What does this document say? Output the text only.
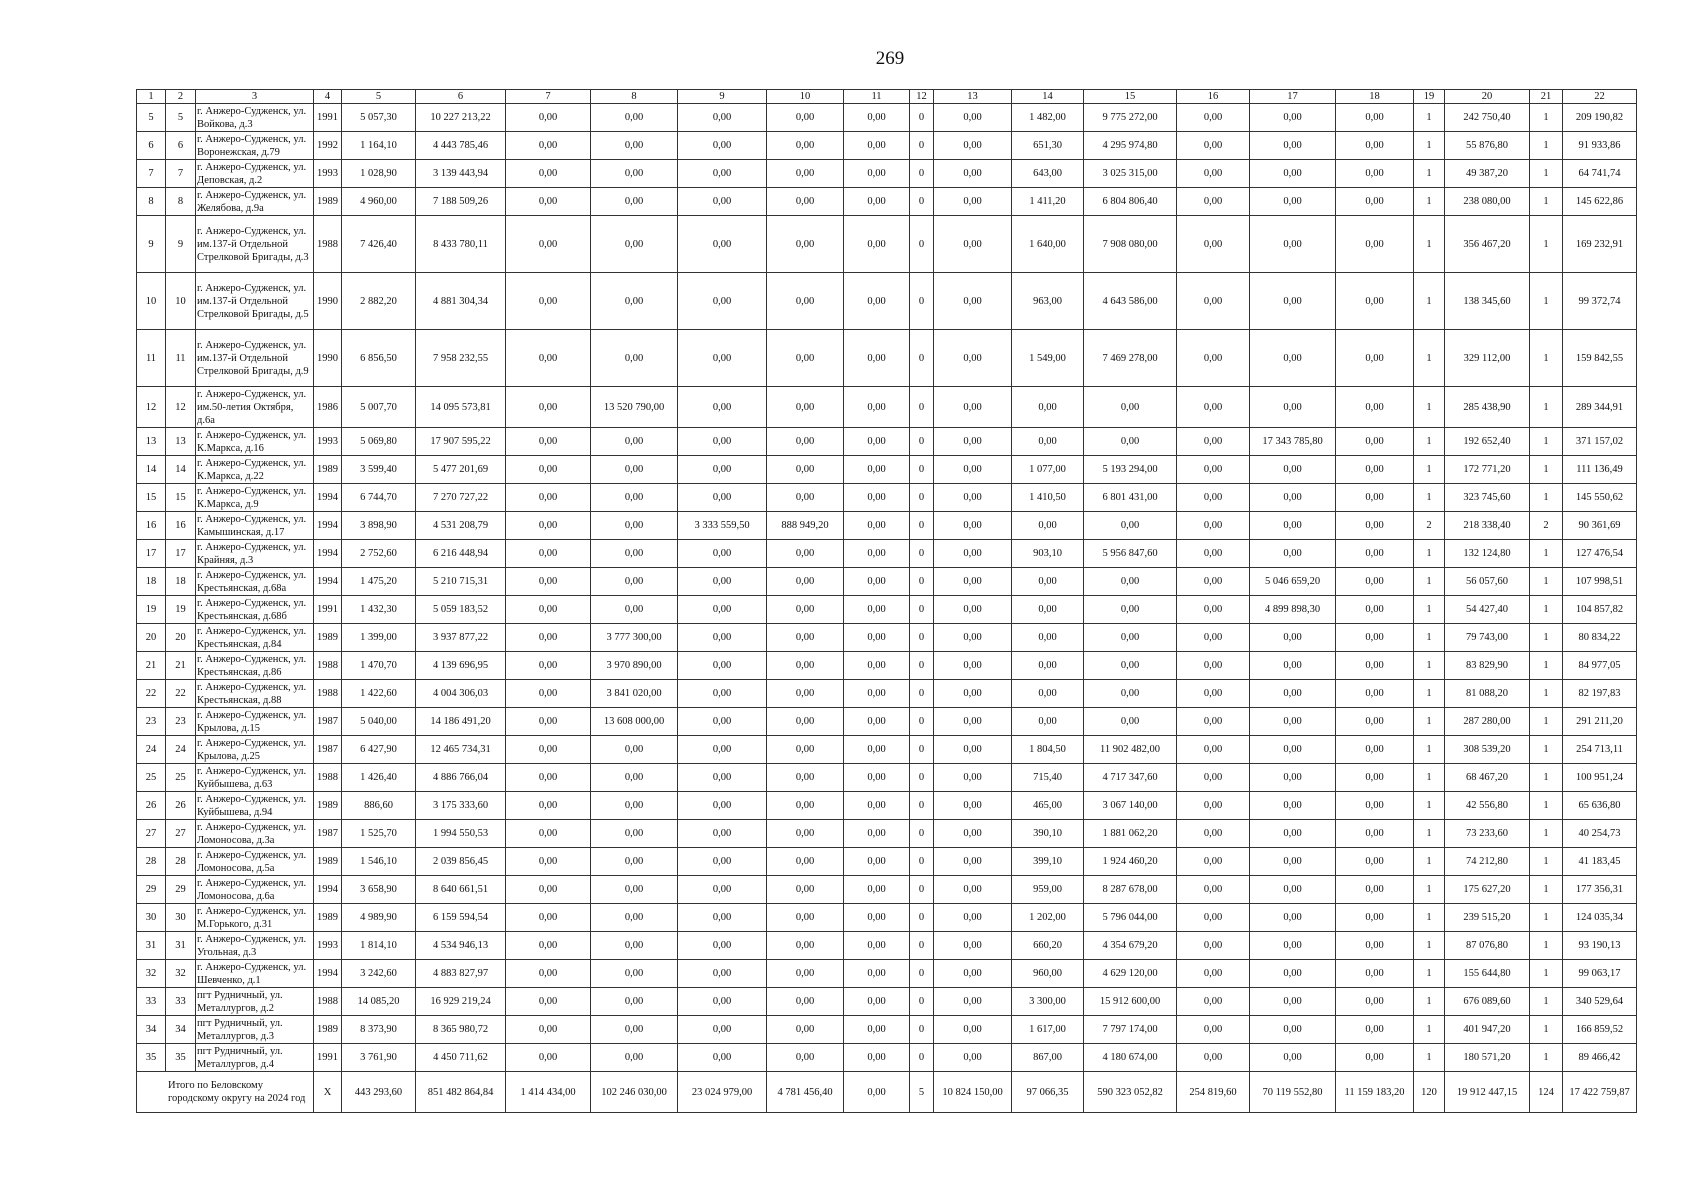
269
1	2	3	4	5	6	7	8	9	10	11	12	13	14	15	16	17	18	19	20	21	22
5	5	г. Анжеро-Судженск, ул. Войкова, д.3	1991	5 057,30	10 227 213,22	0,00	0,00	0,00	0,00	0,00	0	0,00	1 482,00	9 775 272,00	0,00	0,00	0,00	1	242 750,40	1	209 190,82
6	6	г. Анжеро-Судженск, ул. Воронежская, д.79	1992	1 164,10	4 443 785,46	0,00	0,00	0,00	0,00	0,00	0	0,00	651,30	4 295 974,80	0,00	0,00	0,00	1	55 876,80	1	91 933,86
7	7	г. Анжеро-Судженск, ул. Деповская, д.2	1993	1 028,90	3 139 443,94	0,00	0,00	0,00	0,00	0,00	0	0,00	643,00	3 025 315,00	0,00	0,00	0,00	1	49 387,20	1	64 741,74
8	8	г. Анжеро-Судженск, ул. Желябова, д.9а	1989	4 960,00	7 188 509,26	0,00	0,00	0,00	0,00	0,00	0	0,00	1 411,20	6 804 806,40	0,00	0,00	0,00	1	238 080,00	1	145 622,86
9	9	г. Анжеро-Судженск, ул. им.137-й Отдельной Стрелковой Бригады, д.3	1988	7 426,40	8 433 780,11	0,00	0,00	0,00	0,00	0,00	0	0,00	1 640,00	7 908 080,00	0,00	0,00	0,00	1	356 467,20	1	169 232,91
10	10	г. Анжеро-Судженск, ул. им.137-й Отдельной Стрелковой Бригады, д.5	1990	2 882,20	4 881 304,34	0,00	0,00	0,00	0,00	0,00	0	0,00	963,00	4 643 586,00	0,00	0,00	0,00	1	138 345,60	1	99 372,74
11	11	г. Анжеро-Судженск, ул. им.137-й Отдельной Стрелковой Бригады, д.9	1990	6 856,50	7 958 232,55	0,00	0,00	0,00	0,00	0,00	0	0,00	1 549,00	7 469 278,00	0,00	0,00	0,00	1	329 112,00	1	159 842,55
12	12	г. Анжеро-Судженск, ул. им.50-летия Октября, д.6а	1986	5 007,70	14 095 573,81	0,00	13 520 790,00	0,00	0,00	0,00	0	0,00	0,00	0,00	0,00	0,00	0,00	1	285 438,90	1	289 344,91
13	13	г. Анжеро-Судженск, ул. К.Маркса, д.16	1993	5 069,80	17 907 595,22	0,00	0,00	0,00	0,00	0,00	0	0,00	0,00	0,00	0,00	17 343 785,80	0,00	1	192 652,40	1	371 157,02
14	14	г. Анжеро-Судженск, ул. К.Маркса, д.22	1989	3 599,40	5 477 201,69	0,00	0,00	0,00	0,00	0,00	0	0,00	1 077,00	5 193 294,00	0,00	0,00	0,00	1	172 771,20	1	111 136,49
15	15	г. Анжеро-Судженск, ул. К.Маркса, д.9	1994	6 744,70	7 270 727,22	0,00	0,00	0,00	0,00	0,00	0	0,00	1 410,50	6 801 431,00	0,00	0,00	0,00	1	323 745,60	1	145 550,62
16	16	г. Анжеро-Судженск, ул. Камышинская, д.17	1994	3 898,90	4 531 208,79	0,00	0,00	3 333 559,50	888 949,20	0,00	0	0,00	0,00	0,00	0,00	0,00	0,00	2	218 338,40	2	90 361,69
17	17	г. Анжеро-Судженск, ул. Крайняя, д.3	1994	2 752,60	6 216 448,94	0,00	0,00	0,00	0,00	0,00	0	0,00	903,10	5 956 847,60	0,00	0,00	0,00	1	132 124,80	1	127 476,54
18	18	г. Анжеро-Судженск, ул. Крестьянская, д.68а	1994	1 475,20	5 210 715,31	0,00	0,00	0,00	0,00	0,00	0	0,00	0,00	0,00	0,00	5 046 659,20	0,00	1	56 057,60	1	107 998,51
19	19	г. Анжеро-Судженск, ул. Крестьянская, д.68б	1991	1 432,30	5 059 183,52	0,00	0,00	0,00	0,00	0,00	0	0,00	0,00	0,00	0,00	4 899 898,30	0,00	1	54 427,40	1	104 857,82
20	20	г. Анжеро-Судженск, ул. Крестьянская, д.84	1989	1 399,00	3 937 877,22	0,00	3 777 300,00	0,00	0,00	0,00	0	0,00	0,00	0,00	0,00	0,00	0,00	1	79 743,00	1	80 834,22
21	21	г. Анжеро-Судженск, ул. Крестьянская, д.86	1988	1 470,70	4 139 696,95	0,00	3 970 890,00	0,00	0,00	0,00	0	0,00	0,00	0,00	0,00	0,00	0,00	1	83 829,90	1	84 977,05
22	22	г. Анжеро-Судженск, ул. Крестьянская, д.88	1988	1 422,60	4 004 306,03	0,00	3 841 020,00	0,00	0,00	0,00	0	0,00	0,00	0,00	0,00	0,00	0,00	1	81 088,20	1	82 197,83
23	23	г. Анжеро-Судженск, ул. Крылова, д.15	1987	5 040,00	14 186 491,20	0,00	13 608 000,00	0,00	0,00	0,00	0	0,00	0,00	0,00	0,00	0,00	0,00	1	287 280,00	1	291 211,20
24	24	г. Анжеро-Судженск, ул. Крылова, д.25	1987	6 427,90	12 465 734,31	0,00	0,00	0,00	0,00	0,00	0	0,00	1 804,50	11 902 482,00	0,00	0,00	0,00	1	308 539,20	1	254 713,11
25	25	г. Анжеро-Судженск, ул. Куйбышева, д.63	1988	1 426,40	4 886 766,04	0,00	0,00	0,00	0,00	0,00	0	0,00	715,40	4 717 347,60	0,00	0,00	0,00	1	68 467,20	1	100 951,24
26	26	г. Анжеро-Судженск, ул. Куйбышева, д.94	1989	886,60	3 175 333,60	0,00	0,00	0,00	0,00	0,00	0	0,00	465,00	3 067 140,00	0,00	0,00	0,00	1	42 556,80	1	65 636,80
27	27	г. Анжеро-Судженск, ул. Ломоносова, д.3а	1987	1 525,70	1 994 550,53	0,00	0,00	0,00	0,00	0,00	0	0,00	390,10	1 881 062,20	0,00	0,00	0,00	1	73 233,60	1	40 254,73
28	28	г. Анжеро-Судженск, ул. Ломоносова, д.5а	1989	1 546,10	2 039 856,45	0,00	0,00	0,00	0,00	0,00	0	0,00	399,10	1 924 460,20	0,00	0,00	0,00	1	74 212,80	1	41 183,45
29	29	г. Анжеро-Судженск, ул. Ломоносова, д.6а	1994	3 658,90	8 640 661,51	0,00	0,00	0,00	0,00	0,00	0	0,00	959,00	8 287 678,00	0,00	0,00	0,00	1	175 627,20	1	177 356,31
30	30	г. Анжеро-Судженск, ул. М.Горького, д.31	1989	4 989,90	6 159 594,54	0,00	0,00	0,00	0,00	0,00	0	0,00	1 202,00	5 796 044,00	0,00	0,00	0,00	1	239 515,20	1	124 035,34
31	31	г. Анжеро-Судженск, ул. Угольная, д.3	1993	1 814,10	4 534 946,13	0,00	0,00	0,00	0,00	0,00	0	0,00	660,20	4 354 679,20	0,00	0,00	0,00	1	87 076,80	1	93 190,13
32	32	г. Анжеро-Судженск, ул. Шевченко, д.1	1994	3 242,60	4 883 827,97	0,00	0,00	0,00	0,00	0,00	0	0,00	960,00	4 629 120,00	0,00	0,00	0,00	1	155 644,80	1	99 063,17
33	33	пгт Рудничный, ул. Металлургов, д.2	1988	14 085,20	16 929 219,24	0,00	0,00	0,00	0,00	0,00	0	0,00	3 300,00	15 912 600,00	0,00	0,00	0,00	1	676 089,60	1	340 529,64
34	34	пгт Рудничный, ул. Металлургов, д.3	1989	8 373,90	8 365 980,72	0,00	0,00	0,00	0,00	0,00	0	0,00	1 617,00	7 797 174,00	0,00	0,00	0,00	1	401 947,20	1	166 859,52
35	35	пгт Рудничный, ул. Металлургов, д.4	1991	3 761,90	4 450 711,62	0,00	0,00	0,00	0,00	0,00	0	0,00	867,00	4 180 674,00	0,00	0,00	0,00	1	180 571,20	1	89 466,42
Итого по Беловскому городскому округу на 2024 год			X	443 293,60	851 482 864,84	1 414 434,00	102 246 030,00	23 024 979,00	4 781 456,40	0,00	5	10 824 150,00	97 066,35	590 323 052,82	254 819,60	70 119 552,80	11 159 183,20	120	19 912 447,15	124	17 422 759,87
